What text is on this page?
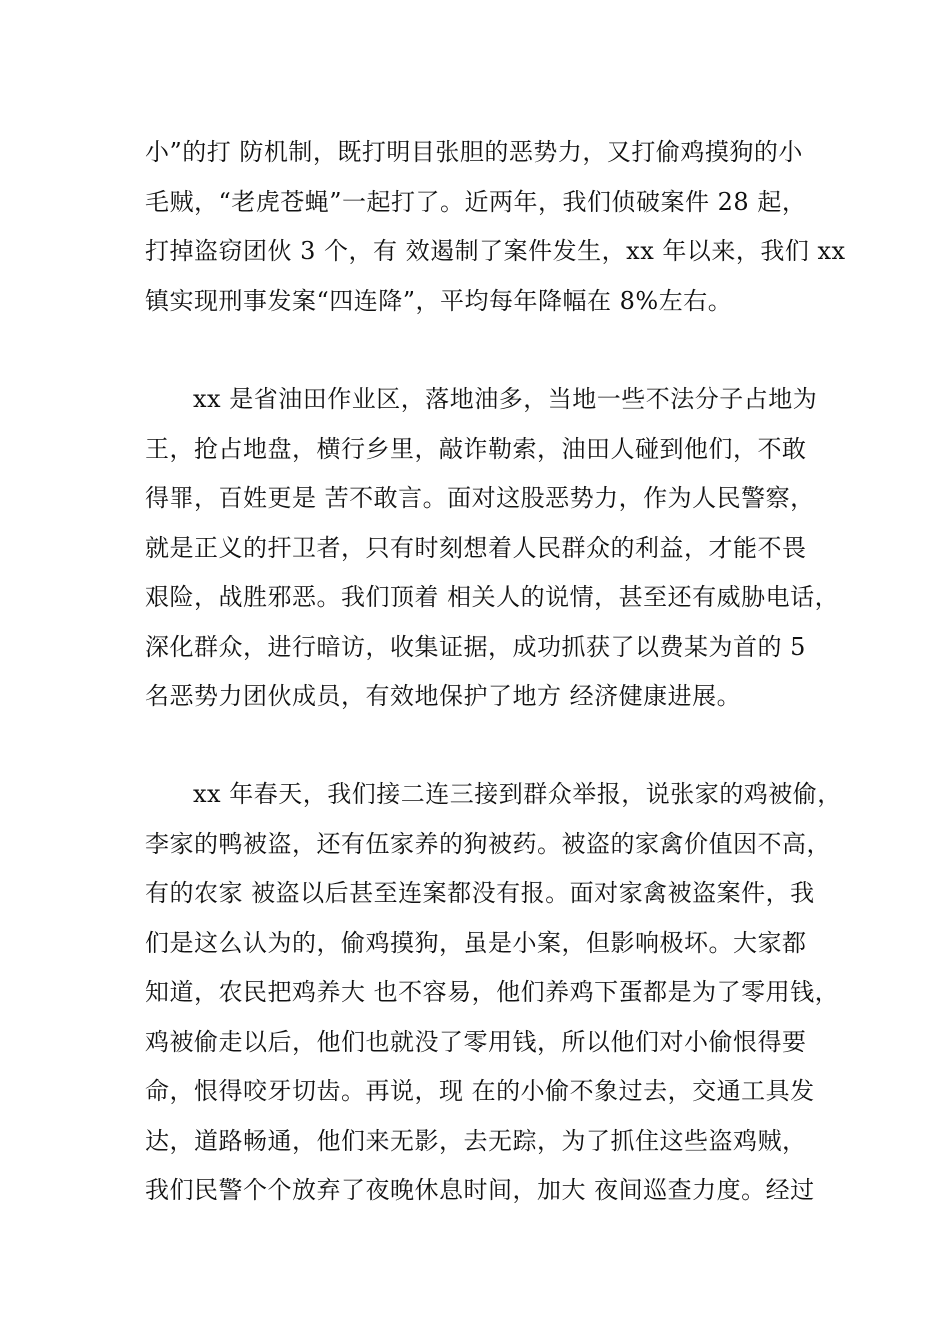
小”的打 防机制，既打明目张胆的恶势力，又打偷鸡摸狗的小
毛贼，“老虎苍蝇”一起打了。近两年，我们侦破案件 28 起，
打掉盗窃团伙 3 个，有 效遏制了案件发生，xx 年以来，我们 xx
镇实现刑事发案“四连降”，平均每年降幅在 8%左右。
xx 是省油田作业区，落地油多，当地一些不法分子占地为
王，抢占地盘，横行乡里，敲诈勒索，油田人碰到他们，不敢
得罪，百姓更是 苦不敢言。面对这股恶势力，作为人民警察，
就是正义的扞卫者，只有时刻想着人民群众的利益，才能不畏
艰险，战胜邪恶。我们顶着 相关人的说情，甚至还有威胁电话，
深化群众，进行暗访，收集证据，成功抓获了以费某为首的 5
名恶势力团伙成员，有效地保护了地方 经济健康进展。
xx 年春天，我们接二连三接到群众举报，说张家的鸡被偷，
李家的鸭被盗，还有伍家养的狗被药。被盗的家禽价值因不高，
有的农家 被盗以后甚至连案都没有报。面对家禽被盗案件，我
们是这么认为的，偷鸡摸狗，虽是小案，但影响极坏。大家都
知道，农民把鸡养大 也不容易，他们养鸡下蛋都是为了零用钱，
鸡被偷走以后，他们也就没了零用钱，所以他们对小偷恨得要
命，恨得咬牙切齿。再说，现 在的小偷不象过去，交通工具发
达，道路畅通，他们来无影，去无踪，为了抓住这些盗鸡贼，
我们民警个个放弃了夜晚休息时间，加大 夜间巡查力度。经过
